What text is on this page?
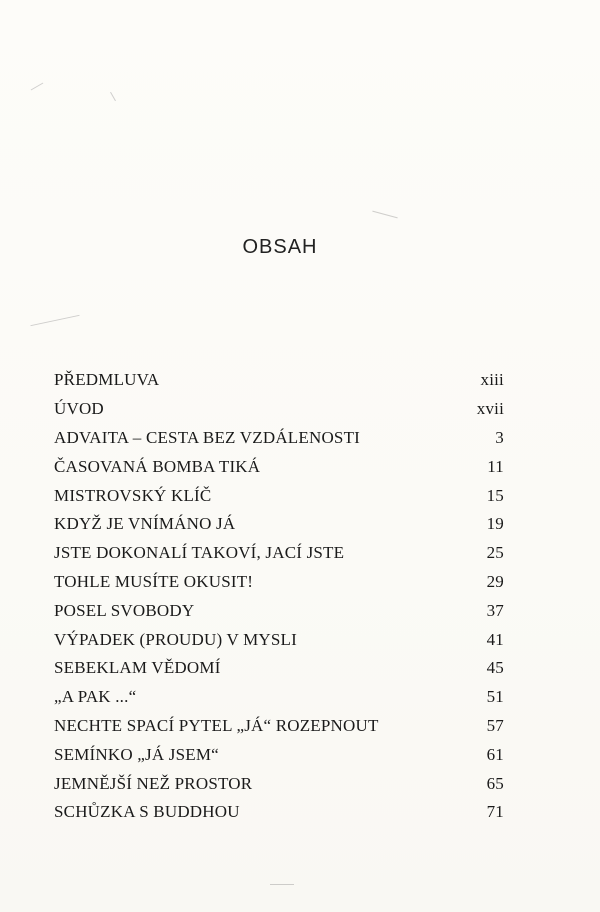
OBSAH
PŘEDMLUVA	xiii
ÚVOD	xvii
ADVAITA – CESTA BEZ VZDÁLENOSTI	3
ČASOVANÁ BOMBA TIKÁ	11
MISTROVSKÝ KLÍČ	15
KDYŽ JE VNÍMÁNO JÁ	19
JSTE DOKONALÍ TAKOVÍ, JACÍ JSTE	25
TOHLE MUSÍTE OKUSIT!	29
POSEL SVOBODY	37
VÝPADEK (PROUDU) V MYSLI	41
SEBEKLAM VĚDOMÍ	45
„A PAK ...“	51
NECHTE SPACÍ PYTEL „JÁ“ ROZEPNOUT	57
SEMÍNKO „JÁ JSEM“	61
JEMNĚJŠÍ NEŽ PROSTOR	65
SCHŮZKA S BUDDHOU	71
